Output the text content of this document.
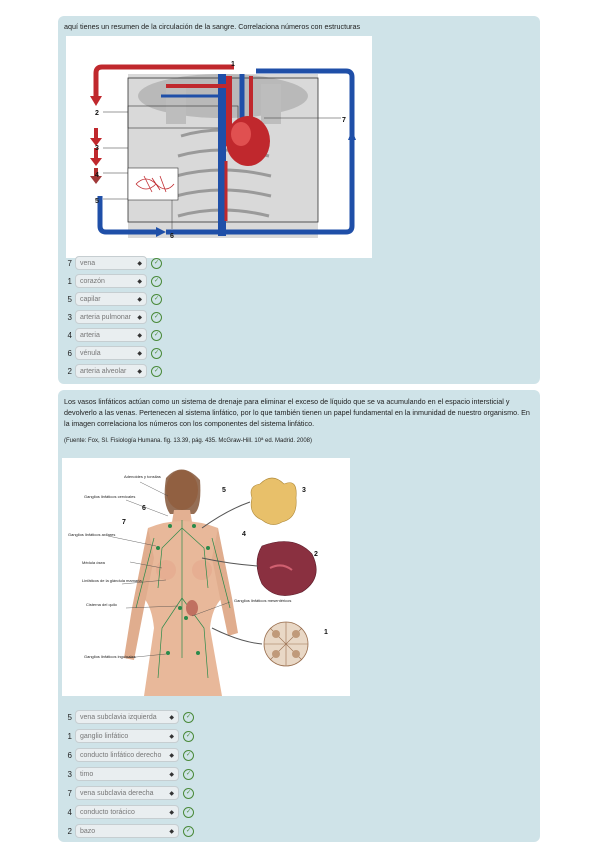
aquí tienes un resumen de la circulación de la sangre. Correlaciona números con estructuras
1
2
3
4
5
6
7
7 vena	◆	✓
1 corazón	◆	✓
5 capilar	◆	✓
3 arteria pulmonar ◆	✓
4 arteria	◆	✓
6 vénula	◆	✓
2 arteria alveolar ◆	✓
Los vasos linfáticos actúan como un sistema de drenaje para eliminar el exceso de líquido que se va acumulando en el espacio intersticial y devolverlo a las venas. Pertenecen al sistema linfático, por lo que también tienen un papel fundamental en la inmunidad de nuestro organismo. En la imagen correlaciona los números con los componentes del sistema linfático.
(Fuente: Fox, SI. Fisiología Humana. fig. 13.39, pág. 435. McGraw-Hill. 10ª ed. Madrid. 2008)
Adenoides y tonsilas
Ganglios linfáticos cervicales
Ganglios linfáticos axilares
Médula ósea
Linfáticos de la glándula mamaria
Cisterna del quilo
Ganglios linfáticos mesentéricos
Ganglios linfáticos inguinales
1
2
3
4
5
6
7
5 vena subclavia izquierda ◆	✓
1 ganglio linfático	◆	✓
6 conducto linfático derecho ◆	✓
3 timo	◆	✓
7 vena subclavia derecha	◆	✓
4 conducto torácico	◆	✓
2 bazo	◆	✓
